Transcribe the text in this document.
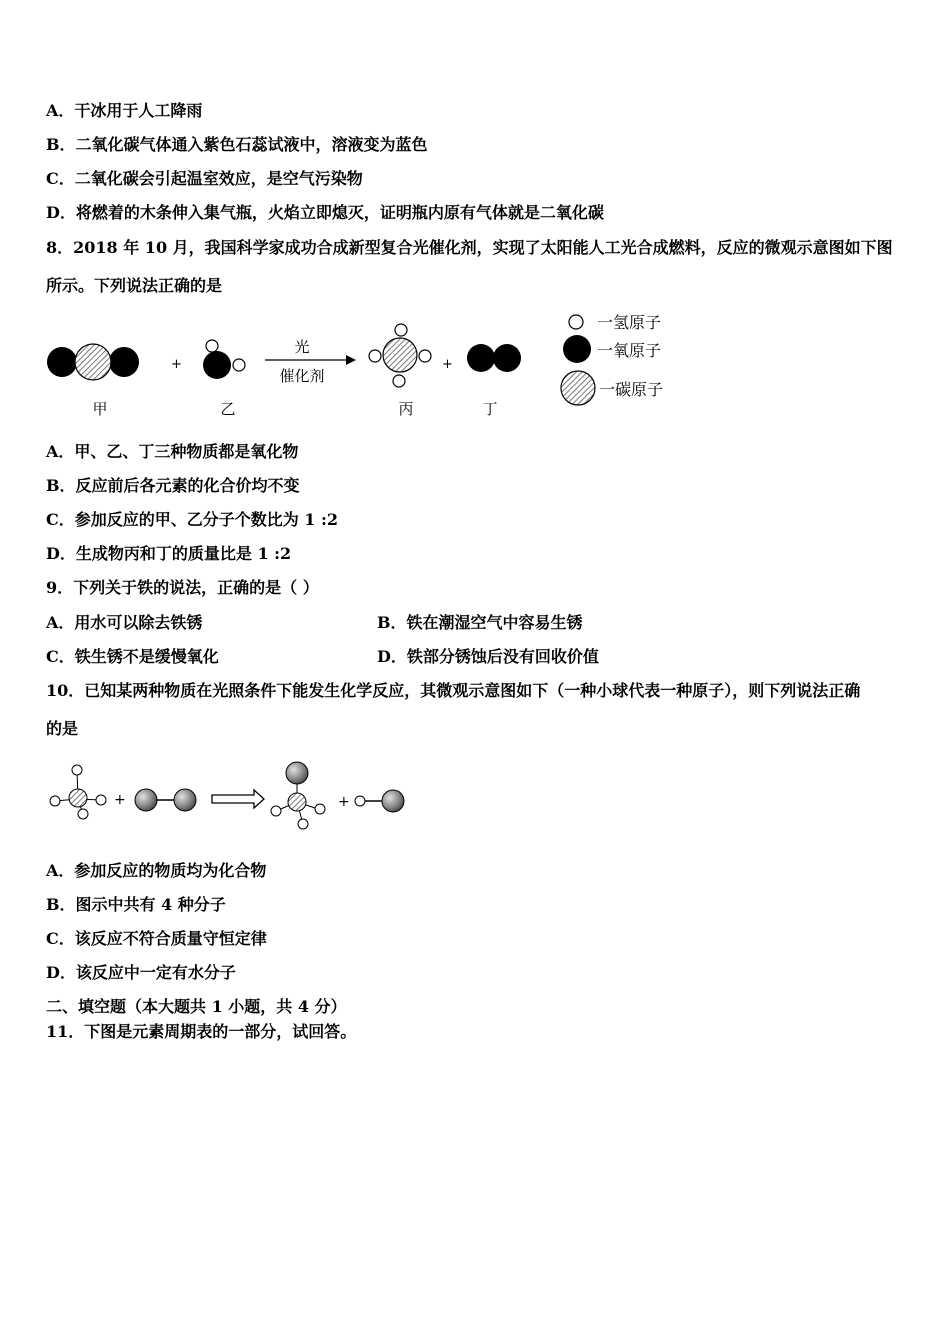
A．干冰用于人工降雨
B．二氧化碳气体通入紫色石蕊试液中，溶液变为蓝色
C．二氧化碳会引起温室效应，是空气污染物
D．将燃着的木条伸入集气瓶，火焰立即熄灭，证明瓶内原有气体就是二氧化碳
8．2018 年 10 月，我国科学家成功合成新型复合光催化剂，实现了太阳能人工光合成燃料，反应的微观示意图如下图
所示。下列说法正确的是
+
光
催化剂
+
甲	乙	丙	丁
一氢原子
一氧原子
一碳原子
A．甲、乙、丁三种物质都是氧化物
B．反应前后各元素的化合价均不变
C．参加反应的甲、乙分子个数比为 1 :2
D．生成物丙和丁的质量比是 1 :2
9．下列关于铁的说法，正确的是（ ）
A．用水可以除去铁锈	B．铁在潮湿空气中容易生锈
C．铁生锈不是缓慢氧化	D．铁部分锈蚀后没有回收价值
10．已知某两种物质在光照条件下能发生化学反应，其微观示意图如下（一种小球代表一种原子），则下列说法正确
的是
+	+
A．参加反应的物质均为化合物
B．图示中共有 4 种分子
C．该反应不符合质量守恒定律
D．该反应中一定有水分子
二、填空题（本大题共 1 小题，共 4 分）
11．下图是元素周期表的一部分，试回答。
